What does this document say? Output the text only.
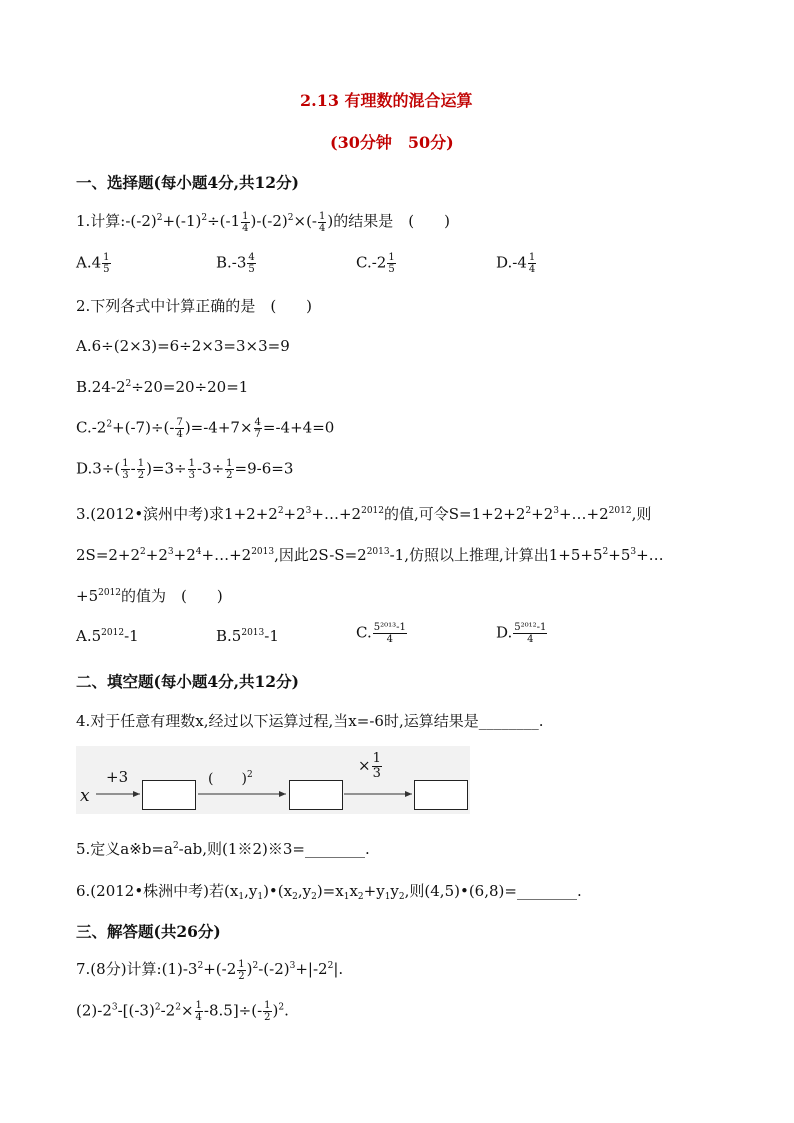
2.13 有理数的混合运算
(30分钟　50分)
一、选择题(每小题4分,共12分)
1.计算$:-(-2)^2+(-1)^2\div(-1 \frac{1}{4} )-(-2)^2\times(- \frac{1}{4}$ )的结果是　(　　)
$A.4 \frac{1}{5}$	$B.-3 \frac{4}{5}$	$C.-2 \frac{1}{5}$	$D.-4 \frac{1}{4}$
2.下列各式中计算正确的是　(　　)
A.6÷(2×3)=6÷2×3=3×3=9
$B.24-2^2\div 20=20\div 20=1$
$C.-2^2+(-7)\div(- \frac{7}{4} )=-4+7\times \frac{4}{7} =-4+4=0$
$D.3\div( \frac{1}{3} - \frac{1}{2} )=3\div \frac{1}{3} -3\div \frac{1}{2} =9-6=3$
3.(2012•滨州中考)求$1+2+2^2+2^3+\dots+2^{2012}$的值,可令$S=1+2+2^2+2^3+\dots+2^{2012}$,则
$2S=2+2^2+2^3+2^4+\dots+2^{2013}$,因此$2S-S=2^{2013}-1$,仿照以上推理,计算出$1+5+5^2+5^3+\dots$
$+5^{2012}$的值为　(　　)
$A.5^{2012}-1$	$B.5^{2013}-1$	C. $\frac{\text{5²⁰¹³-1}}{4}$	D. $\frac{\text{5²⁰¹²-1}}{4}$
二、填空题(每小题4分,共12分)
4.对于任意有理数x,经过以下运算过程,当x=-6时,运算结果是________.
x
+3	(　　)$^2$
× $\frac{1}{3}$
5.定义$a※b=a^2-ab$,则(1※2)※3=________.
6.(2012•株洲中考)若$(x_1,y_1)•(x_2,y_2)=x_1x_2+y_1y_2$,则(4,5)•(6,8)=________.
三、解答题(共26分)
7.(8分)计算$:(1)-3^2+(-2 \frac{1}{2} )^2-(-2)^3+|-2^2|$.
$(2)-2^3-[(-3)^2-2^2\times \frac{1}{4} -8.5]\div(- \frac{1}{2} )^2$.
